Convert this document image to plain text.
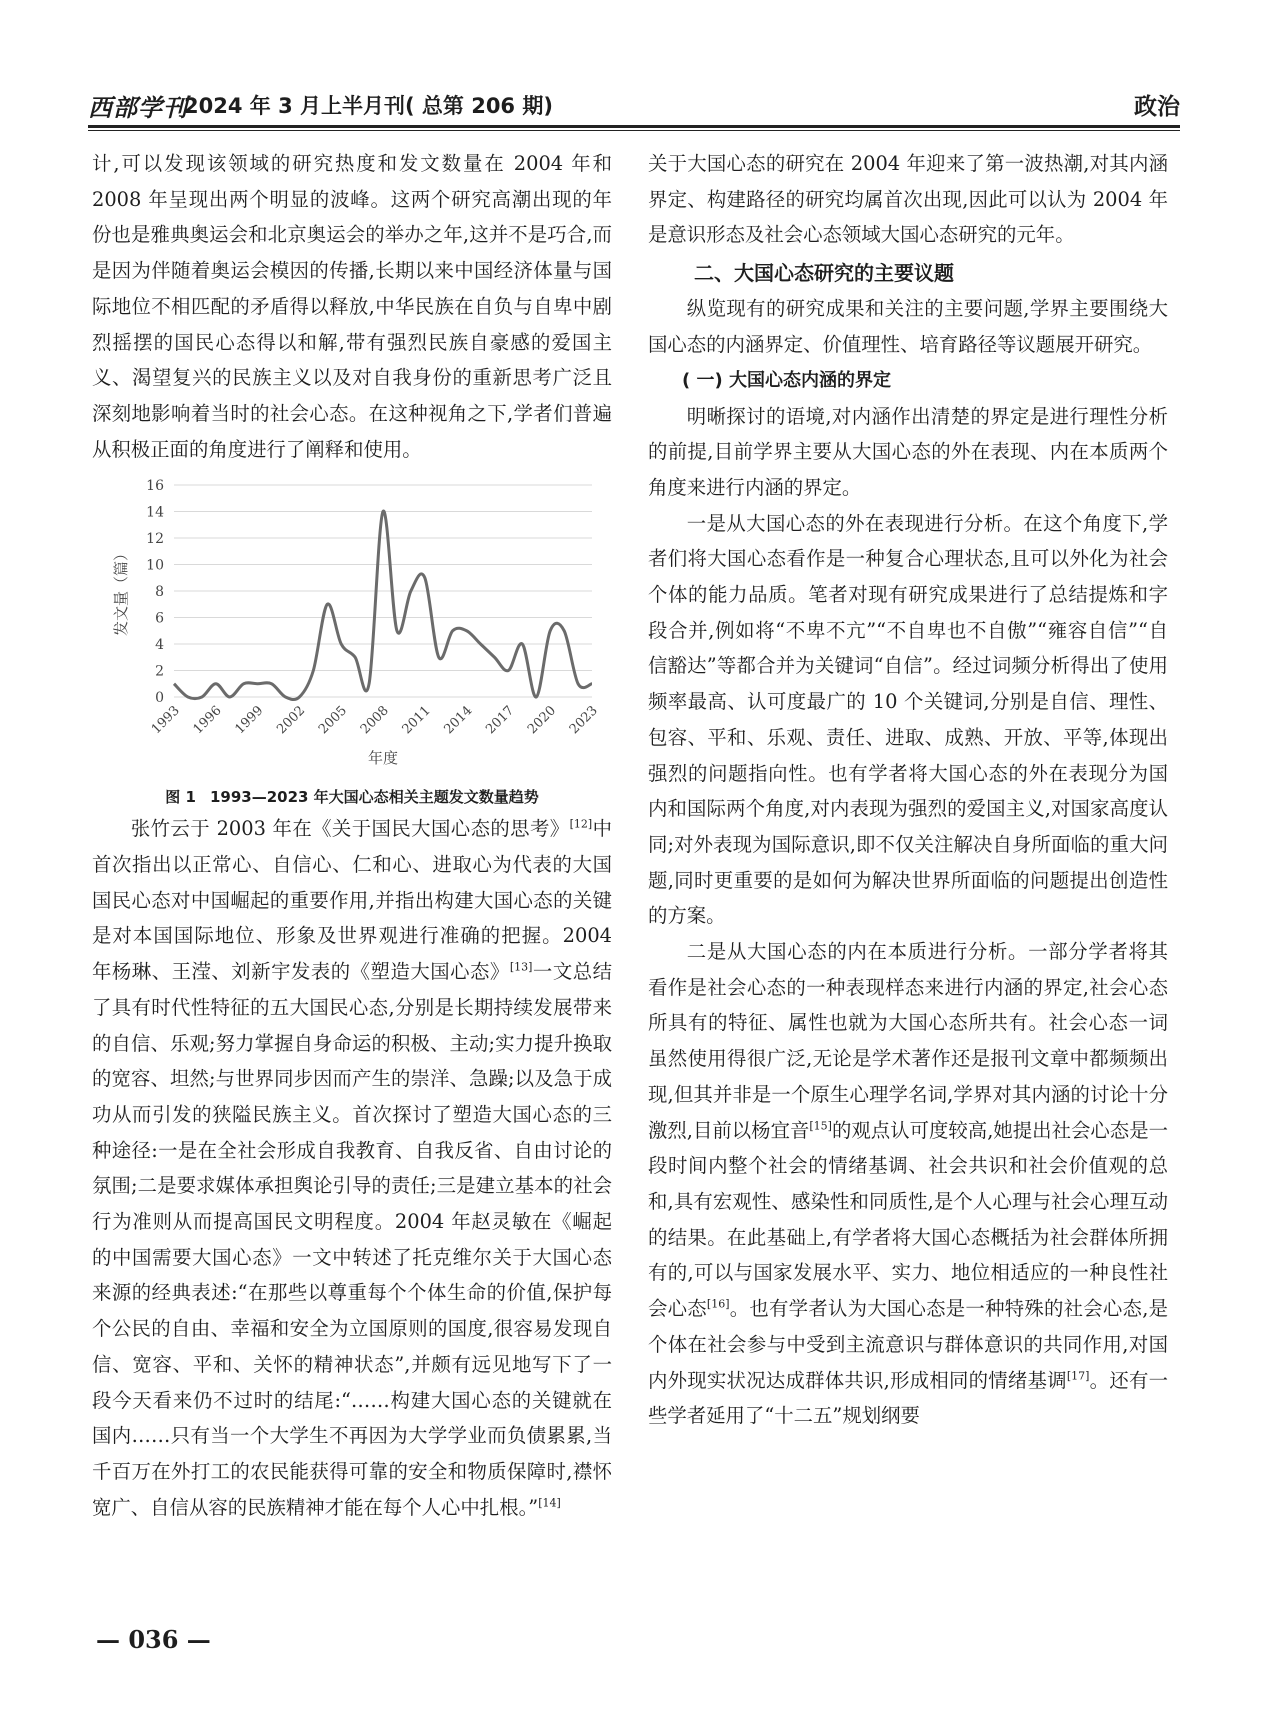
西部学刊
2024 年 3 月上半月刊( 总第 206 期)	政治

计,可以发现该领域的研究热度和发文数量在 2004 年和 2008 年呈现出两个明显的波峰。这两个研究高潮出现的年份也是雅典奥运会和北京奥运会的举办之年,这并不是巧合,而是因为伴随着奥运会模因的传播,长期以来中国经济体量与国际地位不相匹配的矛盾得以释放,中华民族在自负与自卑中剧烈摇摆的国民心态得以和解,带有强烈民族自豪感的爱国主义、渴望复兴的民族主义以及对自我身份的重新思考广泛且深刻地影响着当时的社会心态。在这种视角之下,学者们普遍从积极正面的角度进行了阐释和使用。

0
2
4
6
8
10
12
14
16
1993 1996 1999 2002 2005 2008 2011 2014 2017 2020 2023
发文量（篇）
年度
图 1 1993—2023 年大国心态相关主题发文数量趋势

张竹云于 2003 年在《关于国民大国心态的思考》[12]中首次指出以正常心、自信心、仁和心、进取心为代表的大国国民心态对中国崛起的重要作用,并指出构建大国心态的关键是对本国国际地位、形象及世界观进行准确的把握。2004 年杨琳、王滢、刘新宇发表的《塑造大国心态》[13]一文总结了具有时代性特征的五大国民心态,分别是长期持续发展带来的自信、乐观;努力掌握自身命运的积极、主动;实力提升换取的宽容、坦然;与世界同步因而产生的崇洋、急躁;以及急于成功从而引发的狭隘民族主义。首次探讨了塑造大国心态的三种途径:一是在全社会形成自我教育、自我反省、自由讨论的氛围;二是要求媒体承担舆论引导的责任;三是建立基本的社会行为准则从而提高国民文明程度。2004 年赵灵敏在《崛起的中国需要大国心态》一文中转述了托克维尔关于大国心态来源的经典表述:“在那些以尊重每个个体生命的价值,保护每个公民的自由、幸福和安全为立国原则的国度,很容易发现自信、宽容、平和、关怀的精神状态”,并颇有远见地写下了一段今天看来仍不过时的结尾:“……构建大国心态的关键就在国内……只有当一个大学生不再因为大学学业而负债累累,当千百万在外打工的农民能获得可靠的安全和物质保障时,襟怀宽广、自信从容的民族精神才能在每个人心中扎根。”[14]

关于大国心态的研究在 2004 年迎来了第一波热潮,对其内涵界定、构建路径的研究均属首次出现,因此可以认为 2004 年是意识形态及社会心态领域大国心态研究的元年。

二、大国心态研究的主要议题

纵览现有的研究成果和关注的主要问题,学界主要围绕大国心态的内涵界定、价值理性、培育路径等议题展开研究。

( 一) 大国心态内涵的界定

明晰探讨的语境,对内涵作出清楚的界定是进行理性分析的前提,目前学界主要从大国心态的外在表现、内在本质两个角度来进行内涵的界定。

一是从大国心态的外在表现进行分析。在这个角度下,学者们将大国心态看作是一种复合心理状态,且可以外化为社会个体的能力品质。笔者对现有研究成果进行了总结提炼和字段合并,例如将“不卑不亢”“不自卑也不自傲”“雍容自信”“自信豁达”等都合并为关键词“自信”。经过词频分析得出了使用频率最高、认可度最广的 10 个关键词,分别是自信、理性、包容、平和、乐观、责任、进取、成熟、开放、平等,体现出强烈的问题指向性。也有学者将大国心态的外在表现分为国内和国际两个角度,对内表现为强烈的爱国主义,对国家高度认同;对外表现为国际意识,即不仅关注解决自身所面临的重大问题,同时更重要的是如何为解决世界所面临的问题提出创造性的方案。

二是从大国心态的内在本质进行分析。一部分学者将其看作是社会心态的一种表现样态来进行内涵的界定,社会心态所具有的特征、属性也就为大国心态所共有。社会心态一词虽然使用得很广泛,无论是学术著作还是报刊文章中都频频出现,但其并非是一个原生心理学名词,学界对其内涵的讨论十分激烈,目前以杨宜音[15]的观点认可度较高,她提出社会心态是一段时间内整个社会的情绪基调、社会共识和社会价值观的总和,具有宏观性、感染性和同质性,是个人心理与社会心理互动的结果。在此基础上,有学者将大国心态概括为社会群体所拥有的,可以与国家发展水平、实力、地位相适应的一种良性社会心态[16]。也有学者认为大国心态是一种特殊的社会心态,是个体在社会参与中受到主流意识与群体意识的共同作用,对国内外现实状况达成群体共识,形成相同的情绪基调[17]。还有一些学者延用了“十二五”规划纲要

— 036 —
